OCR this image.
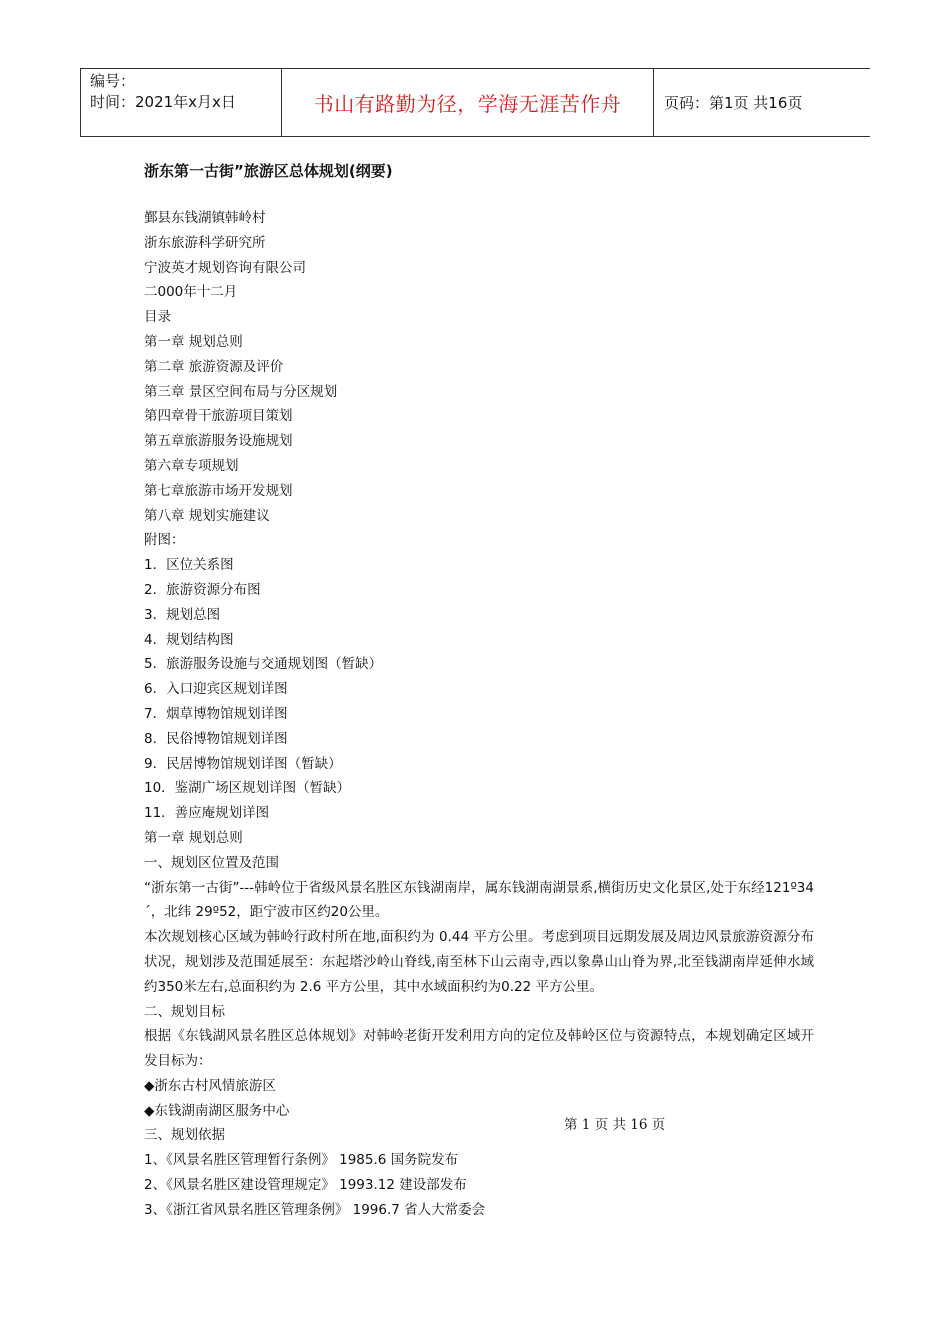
编号：
时间：2021年x月x日	书山有路勤为径，学海无涯苦作舟	页码：第1页 共16页
浙东第一古街”旅游区总体规划(纲要)
鄞县东钱湖镇韩岭村
浙东旅游科学研究所
宁波英才规划咨询有限公司
二000年十二月
目录
第一章 规划总则
第二章 旅游资源及评价
第三章 景区空间布局与分区规划
第四章骨干旅游项目策划
第五章旅游服务设施规划
第六章专项规划
第七章旅游市场开发规划
第八章 规划实施建议
附图：
1．区位关系图
2．旅游资源分布图
3．规划总图
4．规划结构图
5．旅游服务设施与交通规划图（暂缺）
6．入口迎宾区规划详图
7．烟草博物馆规划详图
8．民俗博物馆规划详图
9．民居博物馆规划详图（暂缺）
10．鉴湖广场区规划详图（暂缺）
11．善应庵规划详图
第一章 规划总则
一、规划区位置及范围
“浙东第一古街”---韩岭位于省级风景名胜区东钱湖南岸，属东钱湖南湖景系,横街历史文化景区,处于东经121º34´，北纬 29º52，距宁波市区约20公里。
本次规划核心区域为韩岭行政村所在地,面积约为 0.44 平方公里。考虑到项目远期发展及周边风景旅游资源分布状况，规划涉及范围延展至：东起塔沙岭山脊线,南至林下山云南寺,西以象鼻山山脊为界,北至钱湖南岸延伸水域约350米左右,总面积约为 2.6 平方公里，其中水域面积约为0.22 平方公里。
二、规划目标
根据《东钱湖风景名胜区总体规划》对韩岭老街开发利用方向的定位及韩岭区位与资源特点，本规划确定区域开发目标为：
◆浙东古村风情旅游区
◆东钱湖南湖区服务中心
三、规划依据
1、《风景名胜区管理暂行条例》 1985.6 国务院发布
2、《风景名胜区建设管理规定》 1993.12 建设部发布
3、《浙江省风景名胜区管理条例》 1996.7 省人大常委会
第 1 页 共 16 页
